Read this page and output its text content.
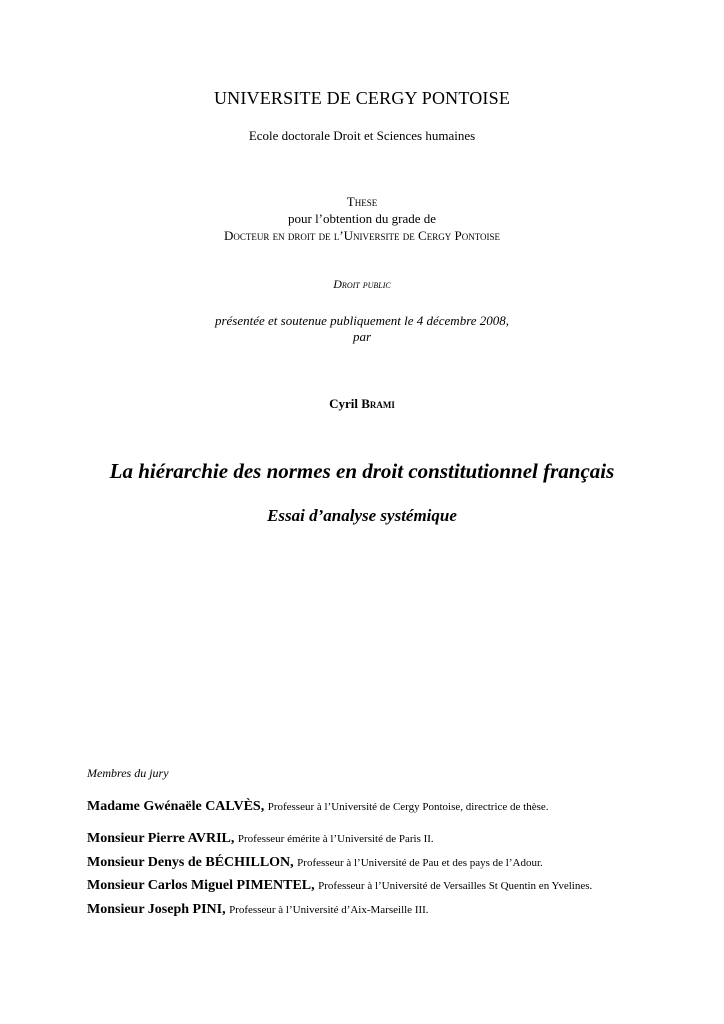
UNIVERSITE DE CERGY PONTOISE
Ecole doctorale Droit et Sciences humaines
These
pour l’obtention du grade de
Docteur en droit de l’Universite de Cergy Pontoise
Droit public
présentée et soutenue publiquement le 4 décembre 2008,
par
Cyril Brami
La hiérarchie des normes en droit constitutionnel français
Essai d’analyse systémique
Membres du jury
Madame Gwénaële CALVÈS, Professeur à l’Université de Cergy Pontoise, directrice de thèse.
Monsieur Pierre AVRIL, Professeur émérite à l’Université de Paris II.
Monsieur Denys de BÉCHILLON, Professeur à l’Université de Pau et des pays de l’Adour.
Monsieur Carlos Miguel PIMENTEL, Professeur à l’Université de Versailles St Quentin en Yvelines.
Monsieur Joseph PINI, Professeur à l’Université d’Aix-Marseille III.
